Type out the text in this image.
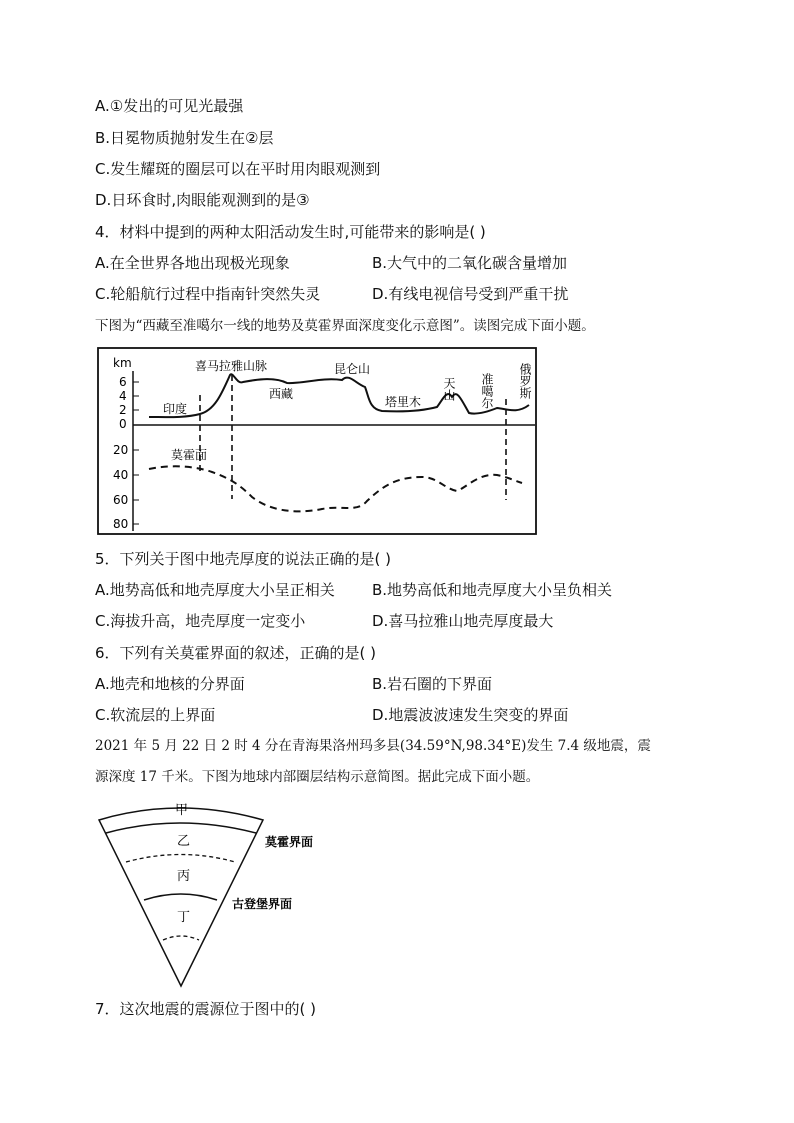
A.①发出的可见光最强
B.日冕物质抛射发生在②层
C.发生耀斑的圈层可以在平时用肉眼观测到
D.日环食时,肉眼能观测到的是③
4．材料中提到的两种太阳活动发生时,可能带来的影响是( )
A.在全世界各地出现极光现象	B.大气中的二氧化碳含量增加
C.轮船航行过程中指南针突然失灵	D.有线电视信号受到严重干扰
下图为“西藏至准噶尔一线的地势及莫霍界面深度变化示意图”。读图完成下面小题。
km
6
4
2
0
20
40
60
80
印度
喜马拉雅山脉
西藏
昆仑山
塔里木
天山 准噶尔 俄罗斯
莫霍面
5．下列关于图中地壳厚度的说法正确的是( )
A.地势高低和地壳厚度大小呈正相关 B.地势高低和地壳厚度大小呈负相关
C.海拔升高，地壳厚度一定变小	D.喜马拉雅山地壳厚度最大
6．下列有关莫霍界面的叙述，正确的是( )
A.地壳和地核的分界面	B.岩石圈的下界面
C.软流层的上界面	D.地震波波速发生突变的界面
2021 年 5 月 22 日 2 时 4 分在青海果洛州玛多县(34.59°N,98.34°E)发生 7.4 级地震，震
源深度 17 千米。下图为地球内部圈层结构示意简图。据此完成下面小题。
甲
乙
丙
丁
莫霍界面
古登堡界面
7．这次地震的震源位于图中的( )
